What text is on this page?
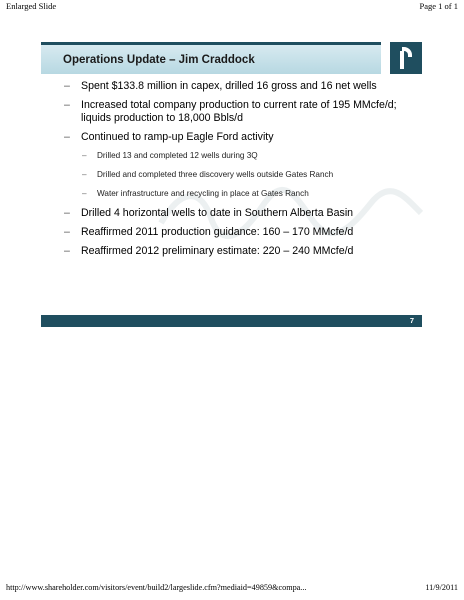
Enlarged Slide	Page 1 of 1
Operations Update – Jim Craddock
– Spent $133.8 million in capex, drilled 16 gross and 16 net wells
– Increased total company production to current rate of 195 MMcfe/d; liquids production to 18,000 Bbls/d
– Continued to ramp-up Eagle Ford activity
– Drilled 13 and completed 12 wells during 3Q
– Drilled and completed three discovery wells outside Gates Ranch
– Water infrastructure and recycling in place at Gates Ranch
– Drilled 4 horizontal wells to date in Southern Alberta Basin
– Reaffirmed 2011 production guidance: 160 – 170 MMcfe/d
– Reaffirmed 2012 preliminary estimate: 220 – 240 MMcfe/d
7
http://www.shareholder.com/visitors/event/build2/largeslide.cfm?mediaid=49859&compa...	11/9/2011
